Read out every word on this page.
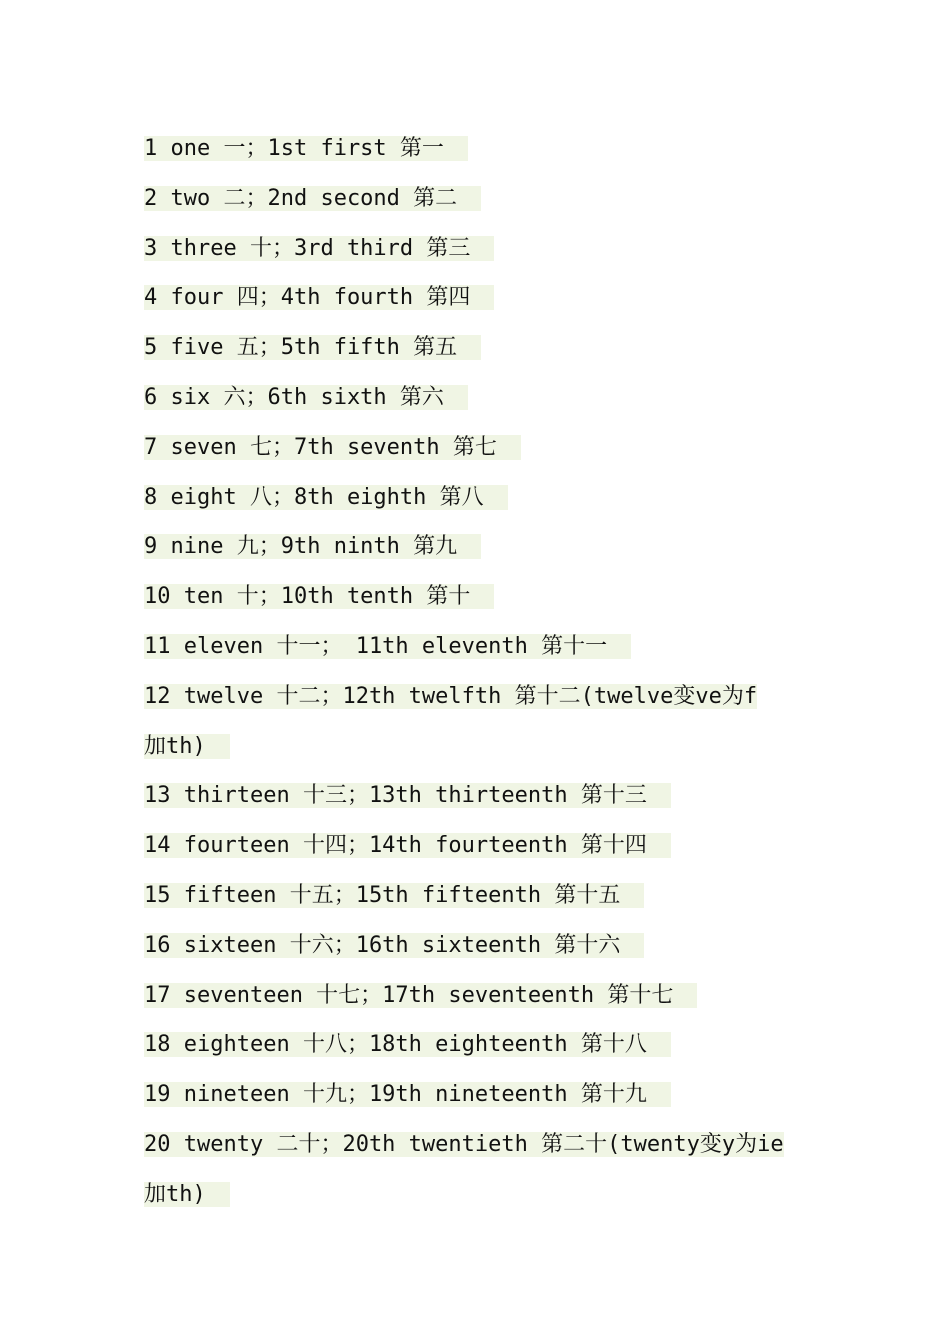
1 one 一；1st first 第一
2 two 二；2nd second 第二
3 three 十；3rd third 第三
4 four 四；4th fourth 第四
5 five 五；5th fifth 第五
6 six 六；6th sixth 第六
7 seven 七；7th seventh 第七
8 eight 八；8th eighth 第八
9 nine 九；9th ninth 第九
10 ten 十；10th tenth 第十
11 eleven 十一； 11th eleventh 第十一
12 twelve 十二；12th twelfth 第十二(twelve变ve为f
加th)
13 thirteen 十三；13th thirteenth 第十三
14 fourteen 十四；14th fourteenth 第十四
15 fifteen 十五；15th fifteenth 第十五
16 sixteen 十六；16th sixteenth 第十六
17 seventeen 十七；17th seventeenth 第十七
18 eighteen 十八；18th eighteenth 第十八
19 nineteen 十九；19th nineteenth 第十九
20 twenty 二十；20th twentieth 第二十(twenty变y为ie
加th)
